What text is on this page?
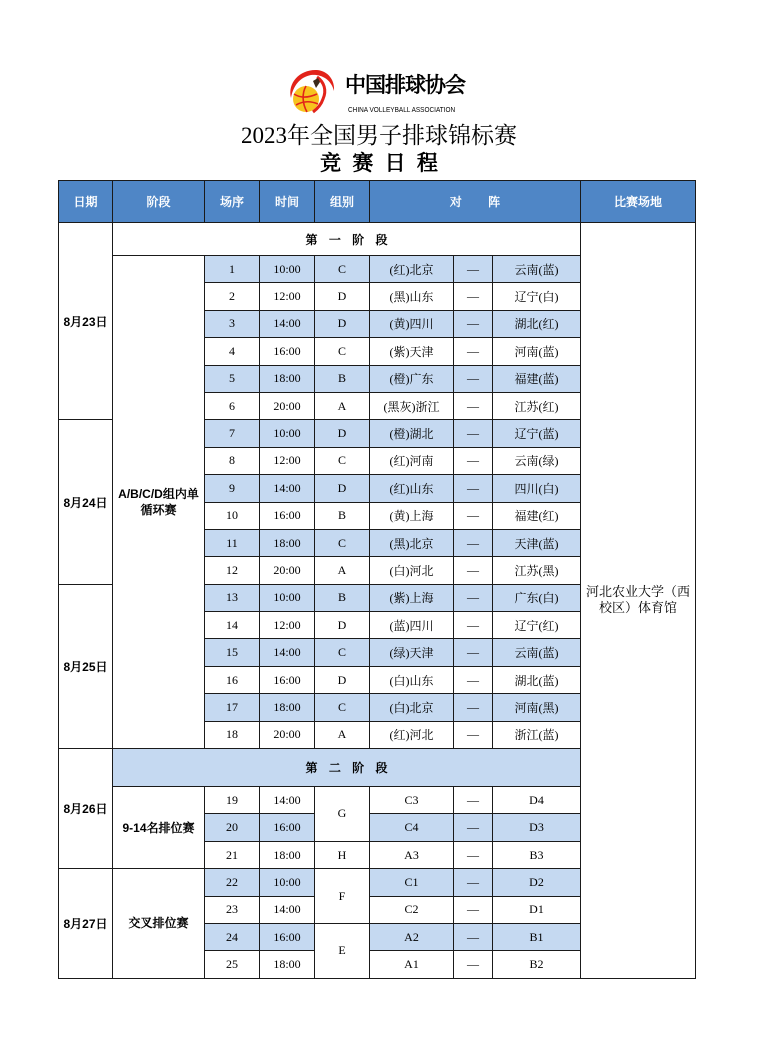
中国排球协会
CHINA VOLLEYBALL ASSOCIATION
2023年全国男子排球锦标赛
竞 赛 日 程
日期	阶段	场序	时间	组别	对 阵			比赛场地
8月23日	第 一 阶 段							河北农业大学（西校区）体育馆
	A/B/C/D组内单循环赛	1	10:00	C	(红)北京	—	云南(蓝)	
		2	12:00	D	(黑)山东	—	辽宁(白)	
		3	14:00	D	(黄)四川	—	湖北(红)	
		4	16:00	C	(紫)天津	—	河南(蓝)	
		5	18:00	B	(橙)广东	—	福建(蓝)	
		6	20:00	A	(黑灰)浙江	—	江苏(红)	
8月24日		7	10:00	D	(橙)湖北	—	辽宁(蓝)	
		8	12:00	C	(红)河南	—	云南(绿)	
		9	14:00	D	(红)山东	—	四川(白)	
		10	16:00	B	(黄)上海	—	福建(红)	
		11	18:00	C	(黑)北京	—	天津(蓝)	
		12	20:00	A	(白)河北	—	江苏(黑)	
8月25日		13	10:00	B	(紫)上海	—	广东(白)	
		14	12:00	D	(蓝)四川	—	辽宁(红)	
		15	14:00	C	(绿)天津	—	云南(蓝)	
		16	16:00	D	(白)山东	—	湖北(蓝)	
		17	18:00	C	(白)北京	—	河南(黑)	
		18	20:00	A	(红)河北	—	浙江(蓝)	
8月26日	第 二 阶 段							
	9-14名排位赛	19	14:00	G	C3	—	D4	
		20	16:00		C4	—	D3	
		21	18:00	H	A3	—	B3	
8月27日	交叉排位赛	22	10:00	F	C1	—	D2	
		23	14:00		C2	—	D1	
		24	16:00	E	A2	—	B1	
		25	18:00		A1	—	B2	
